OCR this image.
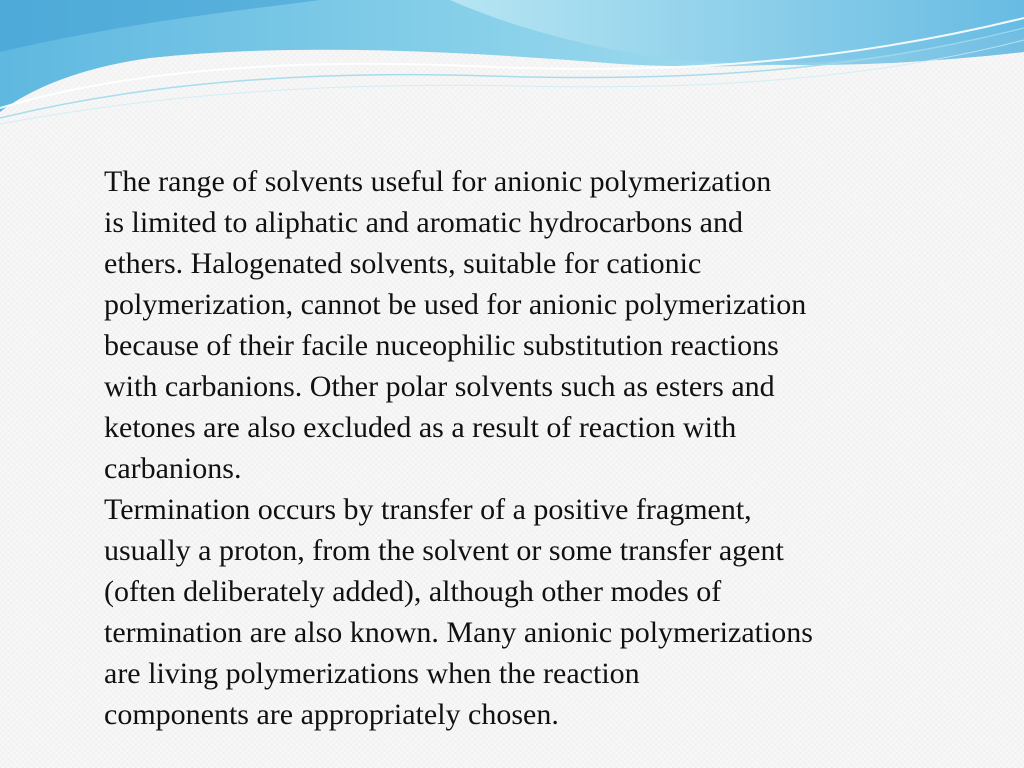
The range of solvents useful for anionic polymerization
is limited to aliphatic and aromatic hydrocarbons and
ethers. Halogenated solvents, suitable for cationic
polymerization, cannot be used for anionic polymerization
because of their facile nuceophilic substitution reactions
with carbanions. Other polar solvents such as esters and
ketones are also excluded as a result of reaction with
carbanions.
Termination occurs by transfer of a positive fragment,
usually a proton, from the solvent or some transfer agent
(often deliberately added), although other modes of
termination are also known. Many anionic polymerizations
are living polymerizations when the reaction
components are appropriately chosen.
